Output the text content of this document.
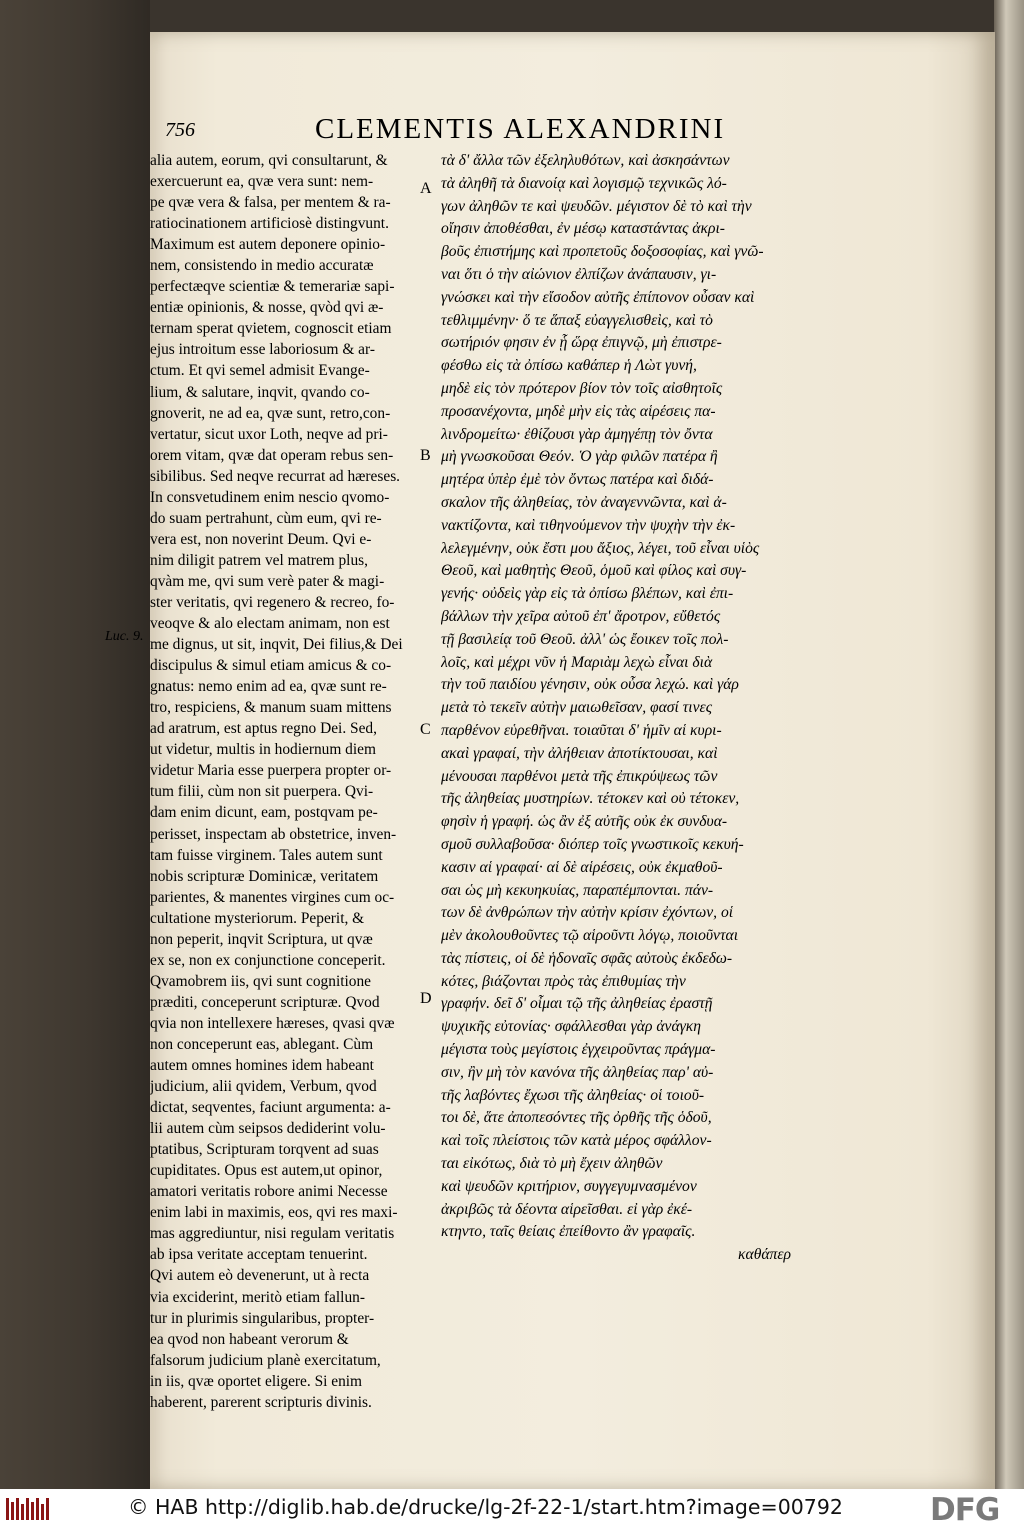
756	CLEMENTIS ALEXANDRINI
alia autem, eorum, qvi consultarunt, &
exercuerunt ea, qvæ vera sunt: nem-
pe qvæ vera & falsa, per mentem & ra-
ratiocinationem artificiosè distingvunt.
Maximum est autem deponere opinio-
nem, consistendo in medio accuratæ
perfectæqve scientiæ & temerariæ sapi-
entiæ opinionis, & nosse, qvòd qvi æ-
ternam sperat qvietem, cognoscit etiam
ejus introitum esse laboriosum & ar-
ctum. Et qvi semel admisit Evange-
lium, & salutare, inqvit, qvando co-
gnoverit, ne ad ea, qvæ sunt, retro,con-
vertatur, sicut uxor Loth, neqve ad pri-
orem vitam, qvæ dat operam rebus sen-
sibilibus. Sed neqve recurrat ad hæreses.
In consvetudinem enim nescio qvomo-
do suam pertrahunt, cùm eum, qvi re-
vera est, non noverint Deum. Qvi e-
nim diligit patrem vel matrem plus,
qvàm me, qvi sum verè pater & magi-
ster veritatis, qvi regenero & recreo, fo-
veoqve & alo electam animam, non est
me dignus, ut sit, inqvit, Dei filius,& Dei
discipulus & simul etiam amicus & co-
gnatus: nemo enim ad ea, qvæ sunt re-
tro, respiciens, & manum suam mittens
ad aratrum, est aptus regno Dei. Sed,
ut videtur, multis in hodiernum diem
videtur Maria esse puerpera propter or-
tum filii, cùm non sit puerpera. Qvi-
dam enim dicunt, eam, postqvam pe-
perisset, inspectam ab obstetrice, inven-
tam fuisse virginem. Tales autem sunt
nobis scripturæ Dominicæ, veritatem
parientes, & manentes virgines cum oc-
cultatione mysteriorum. Peperit, &
non peperit, inqvit Scriptura, ut qvæ
ex se, non ex conjunctione conceperit.
Qvamobrem iis, qvi sunt cognitione
præditi, conceperunt scripturæ. Qvod
qvia non intellexere hæreses, qvasi qvæ
non conceperunt eas, ablegant. Cùm
autem omnes homines idem habeant
judicium, alii qvidem, Verbum, qvod
dictat, seqventes, faciunt argumenta: a-
lii autem cùm seipsos dediderint volu-
ptatibus, Scripturam torqvent ad suas
cupiditates. Opus est autem,ut opinor,
amatori veritatis robore animi Necesse
enim labi in maximis, eos, qvi res maxi-
mas aggrediuntur, nisi regulam veritatis
ab ipsa veritate acceptam tenuerint.
Qvi autem eò devenerunt, ut à recta
via exciderint, meritò etiam fallun-
tur in plurimis singularibus, propter-
ea qvod non habeant verorum &
falsorum judicium planè exercitatum,
in iis, qvæ oportet eligere. Si enim
haberent, parerent scripturis divinis.
τὰ δ' ἄλλα τῶν ἐξεληλυθότων, καὶ ἀσκησάντων
τὰ ἀληθῆ τὰ διανοίᾳ καὶ λογισμῷ τεχνικῶς λό-
γων ἀληθῶν τε καὶ ψευδῶν. μέγιστον δὲ τὸ καὶ τὴν
οἴησιν ἀποθέσθαι, ἐν μέσῳ καταστάντας ἀκρι-
βοῦς ἐπιστήμης καὶ προπετοῦς δοξοσοφίας, καὶ γνῶ-
ναι ὅτι ὁ τὴν αἰώνιον ἐλπίζων ἀνάπαυσιν, γι-
γνώσκει καὶ τὴν εἴσοδον αὐτῆς ἐπίπονον οὖσαν καὶ
τεθλιμμένην· ὅ τε ἅπαξ εὐαγγελισθεὶς, καὶ τὸ
σωτήριόν φησιν ἐν ᾗ ὥρᾳ ἐπιγνῷ, μὴ ἐπιστρε-
φέσθω εἰς τὰ ὀπίσω καθάπερ ἡ Λὼτ γυνή,
μηδὲ εἰς τὸν πρότερον βίον τὸν τοῖς αἰσθητοῖς
προσανέχοντα, μηδὲ μὴν εἰς τὰς αἱρέσεις πα-
λινδρομείτω· ἐθίζουσι γὰρ ἀμηγέπῃ τὸν ὄντα
μὴ γνωσκοῦσαι Θεόν. Ὁ γὰρ φιλῶν πατέρα ἢ
μητέρα ὑπὲρ ἐμὲ τὸν ὄντως πατέρα καὶ διδά-
σκαλον τῆς ἀληθείας, τὸν ἀναγεννῶντα, καὶ ἀ-
νακτίζοντα, καὶ τιθηνούμενον τὴν ψυχὴν τὴν ἐκ-
λελεγμένην, οὐκ ἔστι μου ἄξιος, λέγει, τοῦ εἶναι υἱὸς
Θεοῦ, καὶ μαθητὴς Θεοῦ, ὁμοῦ καὶ φίλος καὶ συγ-
γενής· οὐδεὶς γὰρ εἰς τὰ ὀπίσω βλέπων, καὶ ἐπι-
βάλλων τὴν χεῖρα αὐτοῦ ἐπ' ἄροτρον, εὔθετός
τῇ βασιλείᾳ τοῦ Θεοῦ. ἀλλ' ὡς ἔοικεν τοῖς πολ-
λοῖς, καὶ μέχρι νῦν ἡ Μαριὰμ λεχὼ εἶναι διὰ
τὴν τοῦ παιδίου γένησιν, οὐκ οὖσα λεχώ. καὶ γάρ
μετὰ τὸ τεκεῖν αὐτὴν μαιωθεῖσαν, φασί τινες
παρθένον εὑρεθῆναι. τοιαῦται δ' ἡμῖν αἱ κυρι-
ακαὶ γραφαί, τὴν ἀλήθειαν ἀποτίκτουσαι, καὶ
μένουσαι παρθένοι μετὰ τῆς ἐπικρύψεως τῶν
τῆς ἀληθείας μυστηρίων. τέτοκεν καὶ οὐ τέτοκεν,
φησὶν ἡ γραφή. ὡς ἂν ἐξ αὐτῆς οὐκ ἐκ συνδυα-
σμοῦ συλλαβοῦσα· διόπερ τοῖς γνωστικοῖς κεκυή-
κασιν αἱ γραφαί· αἱ δὲ αἱρέσεις, οὐκ ἐκμαθοῦ-
σαι ὡς μὴ κεκυηκυίας, παραπέμπονται. πάν-
των δὲ ἀνθρώπων τὴν αὐτὴν κρίσιν ἐχόντων, οἱ
μὲν ἀκολουθοῦντες τῷ αἱροῦντι λόγῳ, ποιοῦνται
τὰς πίστεις, οἱ δὲ ἡδοναῖς σφᾶς αὐτοὺς ἐκδεδω-
κότες, βιάζονται πρὸς τὰς ἐπιθυμίας τὴν
γραφήν. δεῖ δ' οἶμαι τῷ τῆς ἀληθείας ἐραστῇ
ψυχικῆς εὐτονίας· σφάλλεσθαι γὰρ ἀνάγκη
μέγιστα τοὺς μεγίστοις ἐγχειροῦντας πράγμα-
σιν, ἢν μὴ τὸν κανόνα τῆς ἀληθείας παρ' αὐ-
τῆς λαβόντες ἔχωσι τῆς ἀληθείας· οἱ τοιοῦ-
τοι δὲ, ἅτε ἀποπεσόντες τῆς ὀρθῆς τῆς ὁδοῦ,
καὶ τοῖς πλείστοις τῶν κατὰ μέρος σφάλλον-
ται εἰκότως, διὰ τὸ μὴ ἔχειν ἀληθῶν
καὶ ψευδῶν κριτήριον, συγγεγυμνασμένον
ἀκριβῶς τὰ δέοντα αἱρεῖσθαι. εἰ γὰρ ἐκέ-
κτηντο, ταῖς θείαις ἐπείθοντο ἂν γραφαῖς.
καθάπερ
A
B
C
D
Luc. 9.
© HAB http://diglib.hab.de/drucke/lg-2f-22-1/start.htm?image=00792	DFG
